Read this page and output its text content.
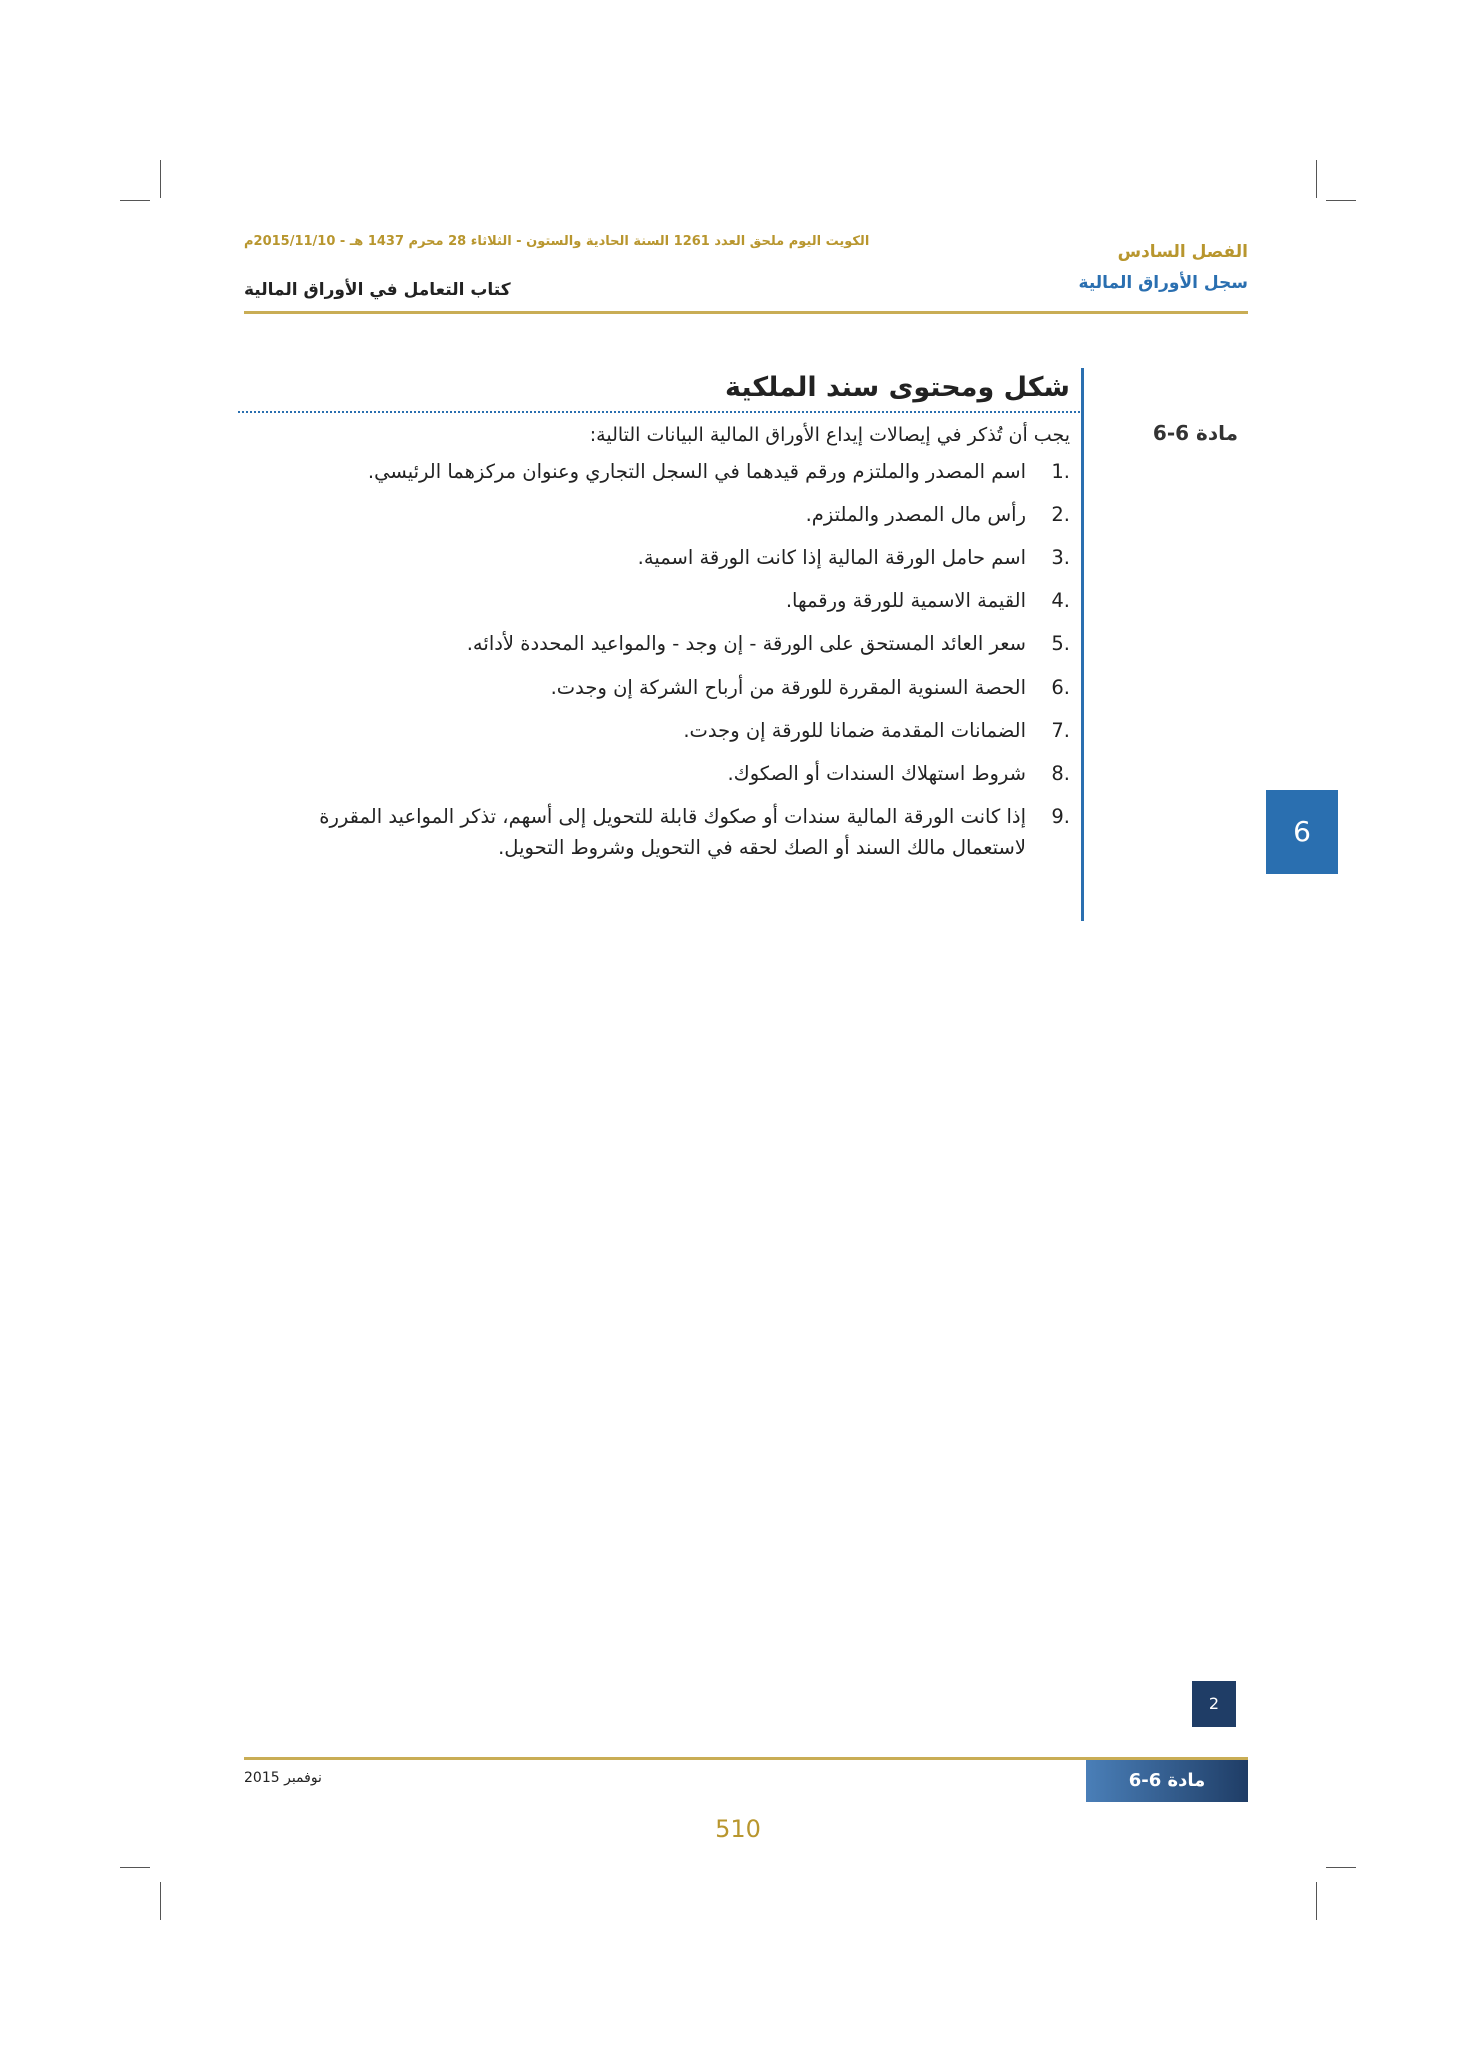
الفصل السادس
سجل الأوراق المالية
الكويت اليوم ملحق العدد 1261 السنة الحادية والستون - الثلاثاء 28 محرم 1437 هـ - 2015/11/10م
كتاب التعامل في الأوراق المالية
مادة 6-6
شكل ومحتوى سند الملكية
يجب أن تُذكر في إيصالات إيداع الأوراق المالية البيانات التالية:
1.
اسم المصدر والملتزم ورقم قيدهما في السجل التجاري وعنوان مركزهما الرئيسي.
2.
رأس مال المصدر والملتزم.
3.
اسم حامل الورقة المالية إذا كانت الورقة اسمية.
4.
القيمة الاسمية للورقة ورقمها.
5.
سعر العائد المستحق على الورقة - إن وجد - والمواعيد المحددة لأدائه.
6.
الحصة السنوية المقررة للورقة من أرباح الشركة إن وجدت.
7.
الضمانات المقدمة ضمانا للورقة إن وجدت.
8.
شروط استهلاك السندات أو الصكوك.
9.
إذا كانت الورقة المالية سندات أو صكوك قابلة للتحويل إلى أسهم، تذكر المواعيد المقررة لاستعمال مالك السند أو الصك لحقه في التحويل وشروط التحويل.	6
2
مادة 6-6
نوفمبر 2015
510
